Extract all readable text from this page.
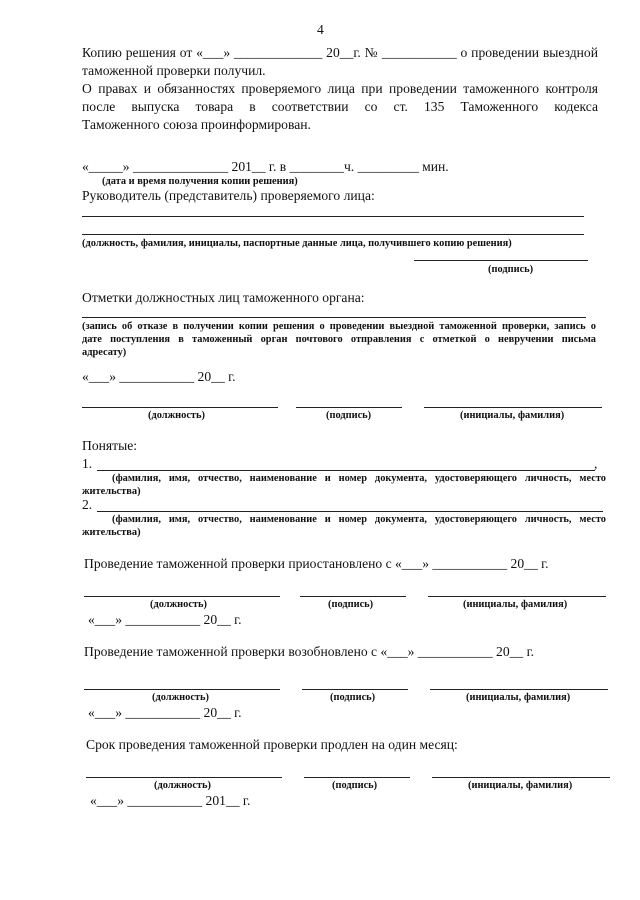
4
Копию решения от «___» _____________ 20__г. № ___________ о проведении выездной
таможенной проверки получил.
О правах и обязанностях проверяемого лица при проведении таможенного контроля
после выпуска товара в соответствии со ст. 135 Таможенного кодекса
Таможенного союза проинформирован.
«_____» ______________ 201__ г. в ________ч. _________ мин.
(дата и время получения копии решения)
Руководитель (представитель) проверяемого лица:
(должность, фамилия, инициалы, паспортные данные лица, получившего копию решения)
(подпись)
Отметки должностных лиц таможенного органа:
(запись об отказе в получении копии решения о проведении выездной таможенной проверки, запись о
дате поступления в таможенный орган почтового отправления с отметкой о невручении письма
адресату)
«___» ___________ 20__ г.
(должность)	(подпись)	(инициалы, фамилия)
Понятые:
1.	,
(фамилия, имя, отчество, наименование и номер документа, удостоверяющего личность, место
жительства)
2.
(фамилия, имя, отчество, наименование и номер документа, удостоверяющего личность, место
жительства)
Проведение таможенной проверки приостановлено с «___» ___________ 20__ г.
(должность)	(подпись)	(инициалы, фамилия)
«___» ___________ 20__ г.
Проведение таможенной проверки возобновлено с «___» ___________ 20__ г.
(должность)	(подпись)	(инициалы, фамилия)
«___» ___________ 20__ г.
Срок проведения таможенной проверки продлен на один месяц:
(должность)	(подпись)	(инициалы, фамилия)
«___» ___________ 201__ г.
